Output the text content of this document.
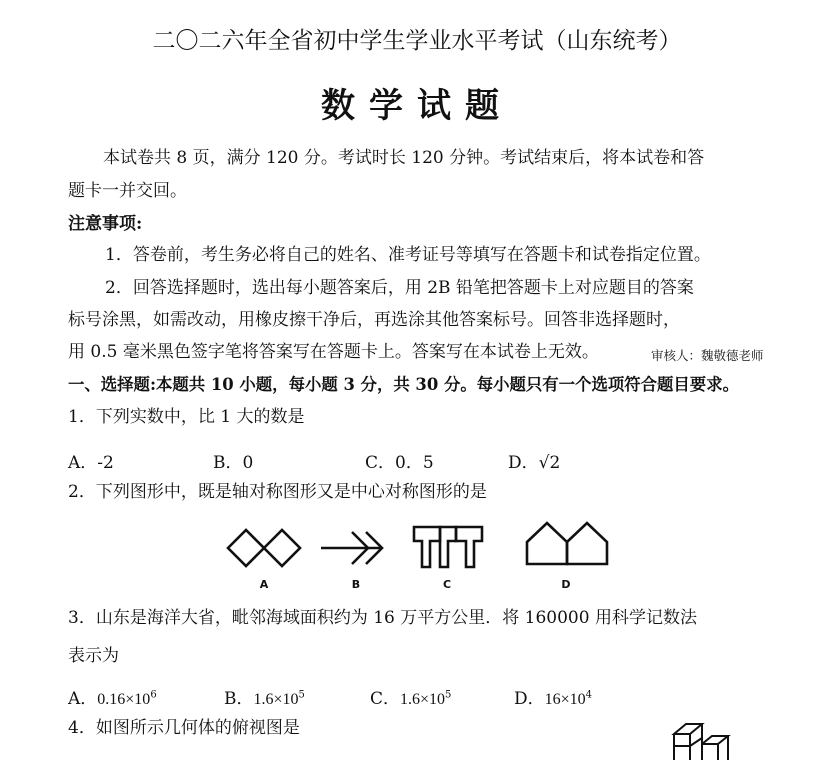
二〇二六年全省初中学生学业水平考试（山东统考）
数学试题
本试卷共 8 页，满分 120 分。考试时长 120 分钟。考试结束后，将本试卷和答
题卡一并交回。
注意事项:
1．答卷前，考生务必将自己的姓名、准考证号等填写在答题卡和试卷指定位置。
2．回答选择题时，选出每小题答案后，用 2B 铅笔把答题卡上对应题目的答案
标号涂黑，如需改动，用橡皮擦干净后，再选涂其他答案标号。回答非选择题时，
用 0.5 毫米黑色签字笔将答案写在答题卡上。答案写在本试卷上无效。	审核人：魏敬德老师
一、选择题:本题共 10 小题，每小题 3 分，共 30 分。每小题只有一个选项符合题目要求。
1．下列实数中，比 1 大的数是
A．-2	B．0	C．0．5	D．√2
2．下列图形中，既是轴对称图形又是中心对称图形的是
A	B	C	D
3．山东是海洋大省，毗邻海域面积约为 16 万平方公里．将 160000 用科学记数法
表示为
A．$0.16\times 10^6$	B．$1.6\times 10^5$	C．$1.6\times 10^5$	D．$16\times 10^4$
4．如图所示几何体的俯视图是
